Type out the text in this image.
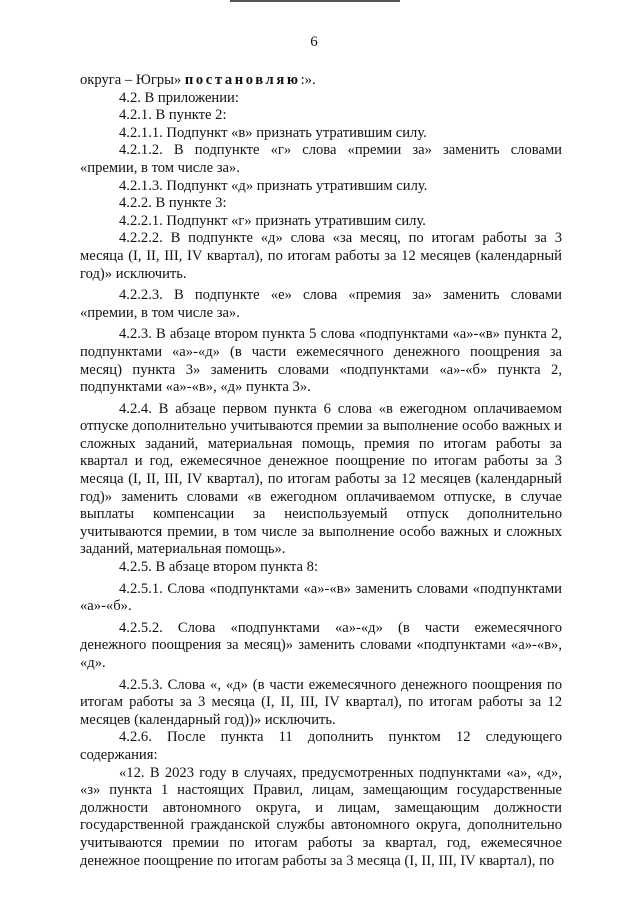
6

округа – Югры» постановляю:».

4.2. В приложении:

4.2.1. В пункте 2:

4.2.1.1. Подпункт «в» признать утратившим силу.

4.2.1.2. В подпункте «г» слова «премии за» заменить словами «премии, в том числе за».

4.2.1.3. Подпункт «д» признать утратившим силу.

4.2.2. В пункте 3:

4.2.2.1. Подпункт «г» признать утратившим силу.

4.2.2.2. В подпункте «д» слова «за месяц, по итогам работы за 3 месяца (I, II, III, IV квартал), по итогам работы за 12 месяцев (календарный год)» исключить.

4.2.2.3. В подпункте «е» слова «премия за» заменить словами «премии, в том числе за».

4.2.3. В абзаце втором пункта 5 слова «подпунктами «а»-«в» пункта 2, подпунктами «а»-«д» (в части ежемесячного денежного поощрения за месяц) пункта 3» заменить словами «подпунктами «а»-«б» пункта 2, подпунктами «а»-«в», «д» пункта 3».

4.2.4. В абзаце первом пункта 6 слова «в ежегодном оплачиваемом отпуске дополнительно учитываются премии за выполнение особо важных и сложных заданий, материальная помощь, премия по итогам работы за квартал и год, ежемесячное денежное поощрение по итогам работы за 3 месяца (I, II, III, IV квартал), по итогам работы за 12 месяцев (календарный год)» заменить словами «в ежегодном оплачиваемом отпуске, в случае выплаты компенсации за неиспользуемый отпуск дополнительно учитываются премии, в том числе за выполнение особо важных и сложных заданий, материальная помощь».

4.2.5. В абзаце втором пункта 8:

4.2.5.1. Слова «подпунктами «а»-«в» заменить словами «подпунктами «а»-«б».

4.2.5.2. Слова «подпунктами «а»-«д» (в части ежемесячного денежного поощрения за месяц)» заменить словами «подпунктами «а»-«в», «д».

4.2.5.3. Слова «, «д» (в части ежемесячного денежного поощрения по итогам работы за 3 месяца (I, II, III, IV квартал), по итогам работы за 12 месяцев (календарный год))» исключить.

4.2.6. После пункта 11 дополнить пунктом 12 следующего содержания:

«12. В 2023 году в случаях, предусмотренных подпунктами «а», «д», «з» пункта 1 настоящих Правил, лицам, замещающим государственные должности автономного округа, и лицам, замещающим должности государственной гражданской службы автономного округа, дополнительно учитываются премии по итогам работы за квартал, год, ежемесячное денежное поощрение по итогам работы за 3 месяца (I, II, III, IV квартал), по
